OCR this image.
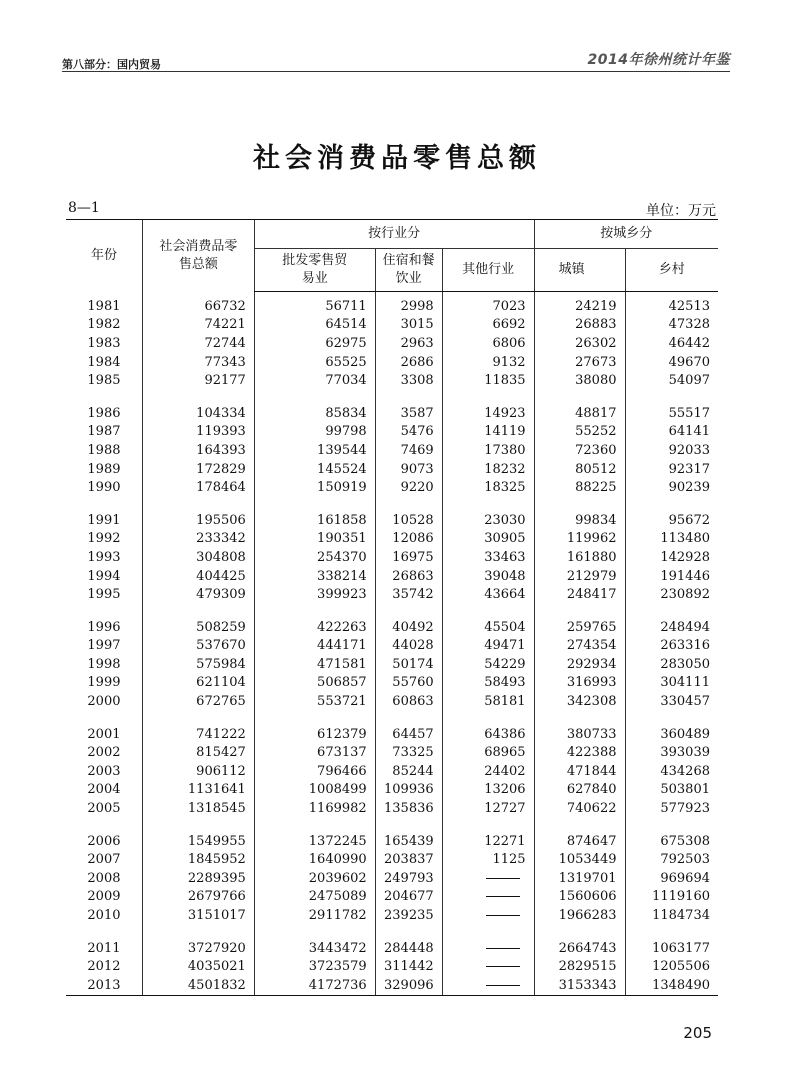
第八部分：国内贸易	2014年徐州统计年鉴
社会消费品零售总额
8—1	单位：万元
年份	社会消费品零售总额	按行业分			按城乡分	
		批发零售贸易业	住宿和餐饮业	其他行业	城镇	乡村
1981	66732	56711	2998	7023	24219	42513
1982	74221	64514	3015	6692	26883	47328
1983	72744	62975	2963	6806	26302	46442
1984	77343	65525	2686	9132	27673	49670
1985	92177	77034	3308	11835	38080	54097

1986	104334	85834	3587	14923	48817	55517
1987	119393	99798	5476	14119	55252	64141
1988	164393	139544	7469	17380	72360	92033
1989	172829	145524	9073	18232	80512	92317
1990	178464	150919	9220	18325	88225	90239

1991	195506	161858	10528	23030	99834	95672
1992	233342	190351	12086	30905	119962	113480
1993	304808	254370	16975	33463	161880	142928
1994	404425	338214	26863	39048	212979	191446
1995	479309	399923	35742	43664	248417	230892

1996	508259	422263	40492	45504	259765	248494
1997	537670	444171	44028	49471	274354	263316
1998	575984	471581	50174	54229	292934	283050
1999	621104	506857	55760	58493	316993	304111
2000	672765	553721	60863	58181	342308	330457

2001	741222	612379	64457	64386	380733	360489
2002	815427	673137	73325	68965	422388	393039
2003	906112	796466	85244	24402	471844	434268
2004	1131641	1008499	109936	13206	627840	503801
2005	1318545	1169982	135836	12727	740622	577923

2006	1549955	1372245	165439	12271	874647	675308
2007	1845952	1640990	203837	1125	1053449	792503
2008	2289395	2039602	249793		1319701	969694
2009	2679766	2475089	204677		1560606	1119160
2010	3151017	2911782	239235		1966283	1184734

2011	3727920	3443472	284448		2664743	1063177
2012	4035021	3723579	311442		2829515	1205506
2013	4501832	4172736	329096		3153343	1348490
205
